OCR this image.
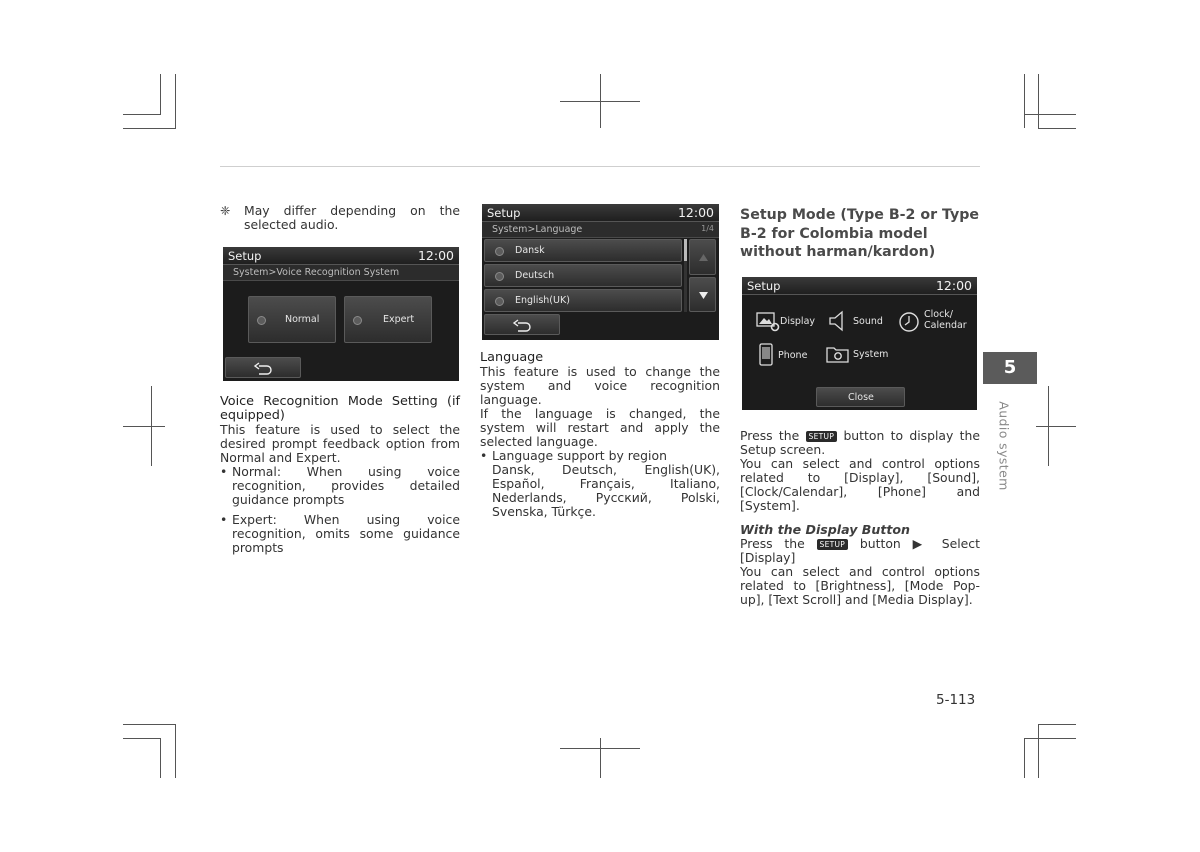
❈	May differ depending on the selected audio.
Setup	12:00
System>Voice Recognition System
Normal	Expert
Voice Recognition Mode Setting (if equipped)
This feature is used to select the desired prompt feedback option from Normal and Expert.
• Normal: When using voice recognition, provides detailed guidance prompts
• Expert: When using voice recognition, omits some guidance prompts
Setup	12:00
System>Language	1/4
Dansk
Deutsch
English(UK)
Language
This feature is used to change the system and voice recognition language.
If the language is changed, the system will restart and apply the selected language.
• Language support by region
Dansk, Deutsch, English(UK), Español, Français, Italiano, Nederlands, Русский, Polski, Svenska, Türkçe.
Setup Mode (Type B-2 or Type B-2 for Colombia model without harman/kardon)
Setup	12:00
Display	Sound
Clock/
Calendar
Phone	System
Close
Press the SETUP button to display the Setup screen.
You can select and control options related to [Display], [Sound], [Clock/Calendar], [Phone] and [System].
With the Display Button
Press the SETUP button ▶ Select [Display]
You can select and control options related to [Brightness], [Mode Pop-up], [Text Scroll] and [Media Display].
5
Audio system
5-113
